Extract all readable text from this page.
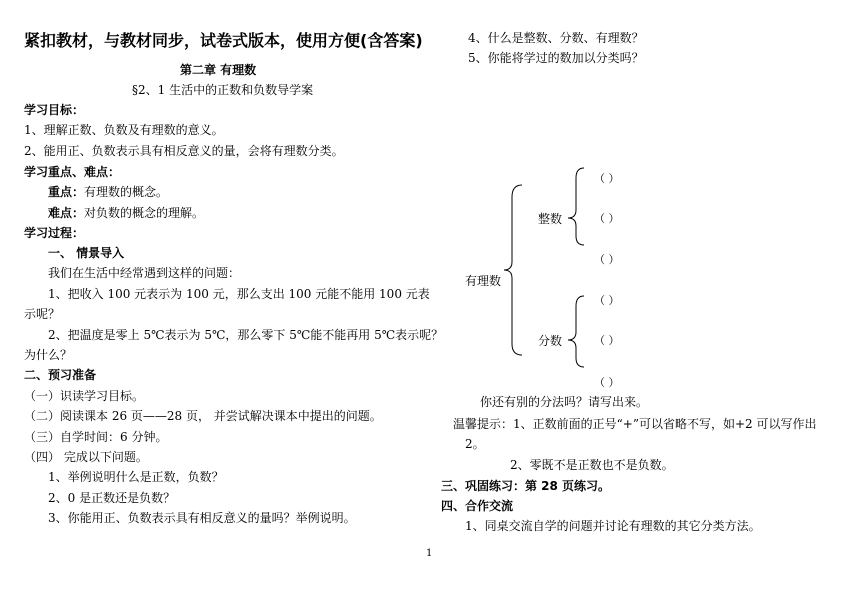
紧扣教材，与教材同步，试卷式版本，使用方便(含答案)
第二章 有理数
§2、1 生活中的正数和负数导学案
学习目标：
1、理解正数、负数及有理数的意义。
2、能用正、负数表示具有相反意义的量，会将有理数分类。
学习重点、难点：
重点：有理数的概念。
难点：对负数的概念的理解。
学习过程：
一、 情景导入
我们在生活中经常遇到这样的问题：
1、把收入 100 元表示为 100 元，那么支出 100 元能不能用 100 元表
示呢？
2、把温度是零上 5℃表示为 5℃，那么零下 5℃能不能再用 5℃表示呢？
为什么？
二、预习准备
（一）识读学习目标。
（二）阅读课本 26 页——28 页， 并尝试解决课本中提出的问题。
（三）自学时间：6 分钟。
（四） 完成以下问题。
1、举例说明什么是正数，负数？
2、0 是正数还是负数？
3、你能用正、负数表示具有相反意义的量吗？举例说明。
4、什么是整数、分数、有理数？
5、你能将学过的数加以分类吗？
有理数
整数
分数
（ ）
（ ）
（ ）
（ ）
（ ）
（ ）
你还有别的分法吗？请写出来。
温馨提示：1、正数前面的正号“+”可以省略不写，如+2 可以写作出
2。
2、零既不是正数也不是负数。
三、巩固练习：第 28 页练习。
四、合作交流
1、同桌交流自学的问题并讨论有理数的其它分类方法。
1
